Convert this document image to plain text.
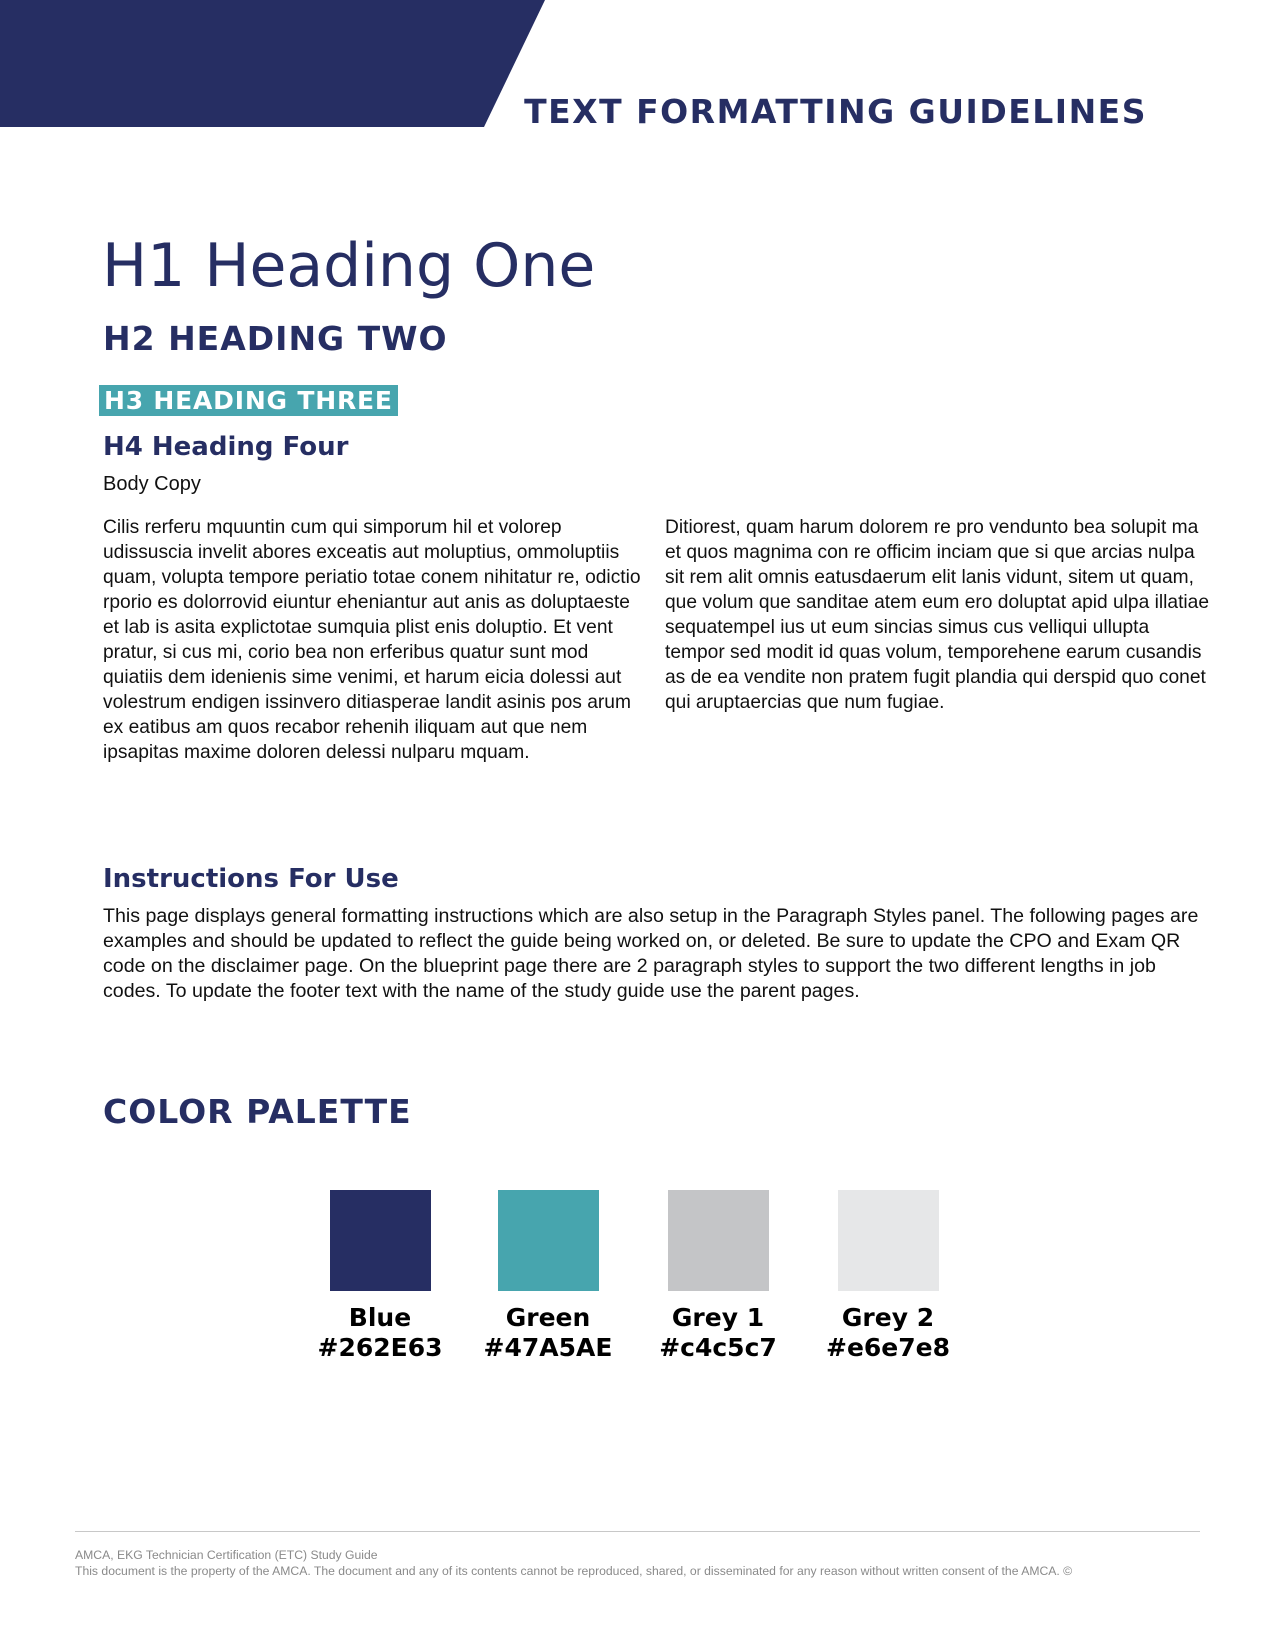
TEXT FORMATTING GUIDELINES
H1 Heading One
H2 HEADING TWO
H3 HEADING THREE
H4 Heading Four
Body Copy

Cilis rerferu mquuntin cum qui simporum hil et volorep udissuscia invelit abores exceatis aut moluptius, ommoluptiis quam, volupta tempore periatio totae conem nihitatur re, odictio rporio es dolorrovid eiuntur eheniantur aut anis as doluptaeste et lab is asita explictotae sumquia plist enis doluptio. Et vent pratur, si cus mi, corio bea non erferibus quatur sunt mod quiatiis dem idenienis sime venimi, et harum eicia dolessi aut volestrum endigen issinvero ditiasperae landit asinis pos arum ex eatibus am quos recabor rehenih iliquam aut que nem ipsapitas maxime doloren delessi nulparu mquam.

Ditiorest, quam harum dolorem re pro vendunto bea solupit ma et quos magnima con re officim inciam que si que arcias nulpa sit rem alit omnis eatusdaerum elit lanis vidunt, sitem ut quam, que volum que sanditae atem eum ero doluptat apid ulpa illatiae sequatempel ius ut eum sincias simus cus velliqui ullupta tempor sed modit id quas volum, temporehene earum cusandis as de ea vendite non pratem fugit plandia qui derspid quo conet qui aruptaercias que num fugiae.

Instructions For Use

This page displays general formatting instructions which are also setup in the Paragraph Styles panel. The following pages are examples and should be updated to reflect the guide being worked on, or deleted. Be sure to update the CPO and Exam QR code on the disclaimer page. On the blueprint page there are 2 paragraph styles to support the two different lengths in job codes. To update the footer text with the name of the study guide use the parent pages.

COLOR PALETTE
Blue
#262E63
Green
#47A5AE
Grey 1
#c4c5c7
Grey 2
#e6e7e8
AMCA, EKG Technician Certification (ETC) Study Guide
This document is the property of the AMCA. The document and any of its contents cannot be reproduced, shared, or disseminated for any reason without written consent of the AMCA. ©
